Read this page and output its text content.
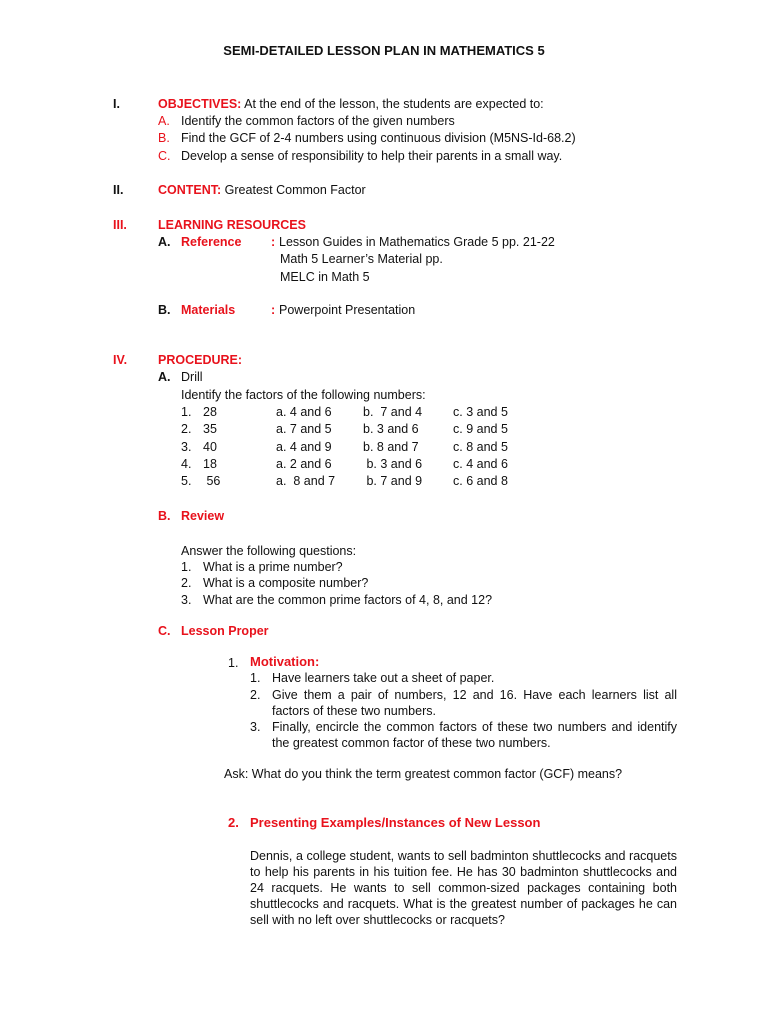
SEMI-DETAILED LESSON PLAN IN MATHEMATICS 5
I.	OBJECTIVES: At the end of the lesson, the students are expected to:
A. Identify the common factors of the given numbers
B. Find the GCF of 2-4 numbers using continuous division (M5NS-Id-68.2)
C. Develop a sense of responsibility to help their parents in a small way.
II.	CONTENT: Greatest Common Factor
III. LEARNING RESOURCES
A. Reference : Lesson Guides in Mathematics Grade 5 pp. 21-22
Math 5 Learner’s Material pp.
MELC in Math 5
B. Materials	: Powerpoint Presentation
IV. PROCEDURE:
A. Drill
Identify the factors of the following numbers:
1. 28	a. 4 and 6	b.  7 and 4 c. 3 and 5
2. 35	a. 7 and 5	b. 3 and 6	c. 9 and 5
3. 40	a. 4 and 9	b. 8 and 7	c. 8 and 5
4. 18	a. 2 and 6	b. 3 and 6 c. 4 and 6
5. 56	a.  8 and 7 b. 7 and 9 c. 6 and 8
B. Review
Answer the following questions:
1. What is a prime number?
2. What is a composite number?
3. What are the common prime factors of 4, 8, and 12?
C. Lesson Proper
1. Motivation:
1. Have learners take out a sheet of paper.
2. Give them a pair of numbers, 12 and 16. Have each learners list all factors of these two numbers.
3. Finally, encircle the common factors of these two numbers and identify the greatest common factor of these two numbers.
Ask: What do you think the term greatest common factor (GCF) means?
2. Presenting Examples/Instances of New Lesson
Dennis, a college student, wants to sell badminton shuttlecocks and racquets to help his parents in his tuition fee. He has 30 badminton shuttlecocks and 24 racquets. He wants to sell common-sized packages containing both shuttlecocks and racquets. What is the greatest number of packages he can sell with no left over shuttlecocks or racquets?
